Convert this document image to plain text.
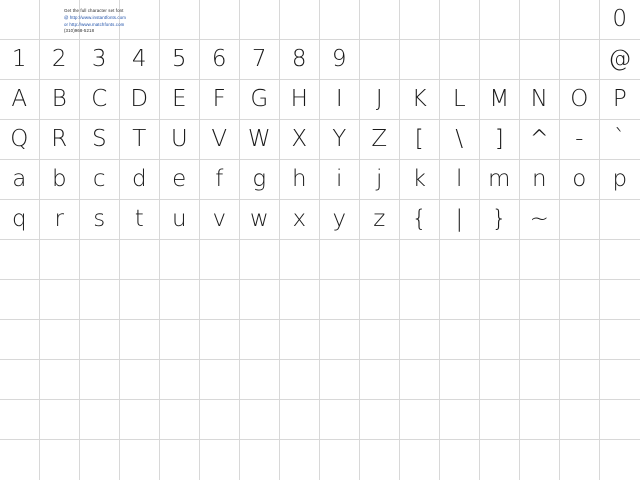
0
1 2 3 4 5 6 7 8 9	@
A B C D E F G H I J K L M N O P
Q R S T U V W X Y Z [ \ ] ^ - `
a b c d e f g h i j k l m n o p
q r s t u v w x y z { | } ~
Get the full character set font
@ http://www.instantfonts.com
or http://www.matchfonts.com
(310)968-5218
